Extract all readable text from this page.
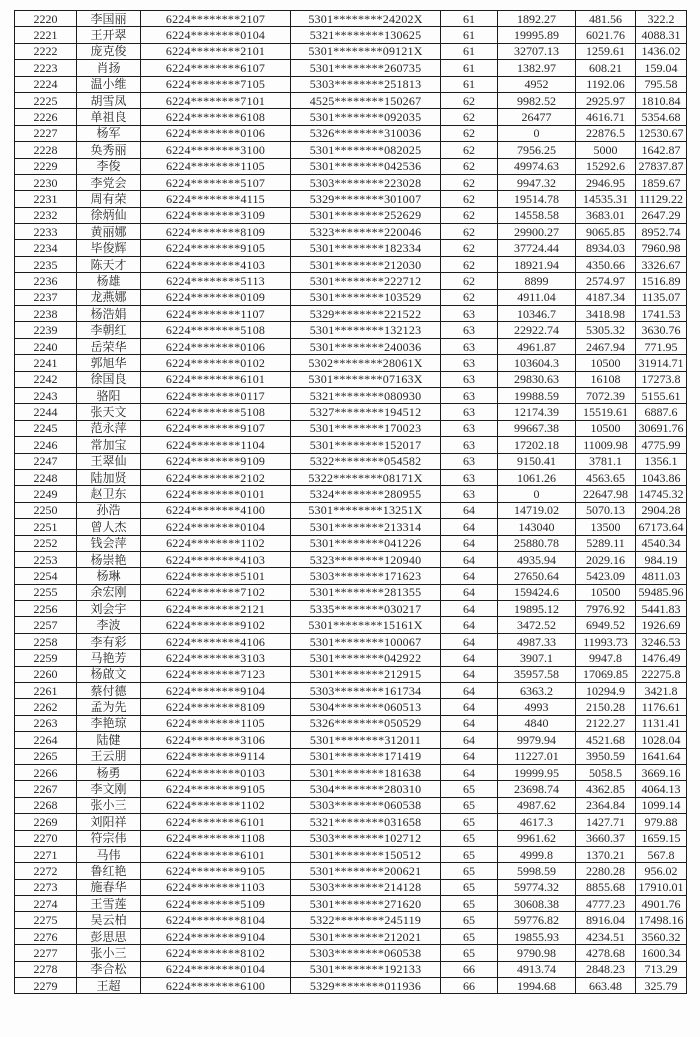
2220	李国丽	6224********2107	5301********24202X	61	1892.27	481.56	322.2
2221	王开翠	6224********0104	5321********130625	61	19995.89	6021.76	4088.31
2222	庞克俊	6224********2101	5301********09121X	61	32707.13	1259.61	1436.02
2223	肖扬	6224********6107	5301********260735	61	1382.97	608.21	159.04
2224	温小维	6224********7105	5303********251813	61	4952	1192.06	795.58
2225	胡雪凤	6224********7101	4525********150267	62	9982.52	2925.97	1810.84
2226	单祖良	6224********6108	5301********092035	62	26477	4616.71	5354.68
2227	杨军	6224********0106	5326********310036	62	0	22876.5	12530.67
2228	奂秀丽	6224********3100	5301********082025	62	7956.25	5000	1642.87
2229	李俊	6224********1105	5301********042536	62	49974.63	15292.6	27837.87
2230	李党会	6224********5107	5303********223028	62	9947.32	2946.95	1859.67
2231	周有荣	6224********4115	5329********301007	62	19514.78	14535.31	11129.22
2232	徐炳仙	6224********3109	5301********252629	62	14558.58	3683.01	2647.29
2233	黄丽娜	6224********8109	5323********220046	62	29900.27	9065.85	8952.74
2234	毕俊辉	6224********9105	5301********182334	62	37724.44	8934.03	7960.98
2235	陈天才	6224********4103	5301********212030	62	18921.94	4350.66	3326.67
2236	杨雄	6224********5113	5301********222712	62	8899	2574.97	1516.89
2237	龙燕娜	6224********0109	5301********103529	62	4911.04	4187.34	1135.07
2238	杨浩娟	6224********1107	5329********221522	63	10346.7	3418.98	1741.53
2239	李朝红	6224********5108	5301********132123	63	22922.74	5305.32	3630.76
2240	岳荣华	6224********0106	5301********240036	63	4961.87	2467.94	771.95
2241	郭旭华	6224********0102	5302********28061X	63	103604.3	10500	31914.71
2242	徐国良	6224********6101	5301********07163X	63	29830.63	16108	17273.8
2243	骆阳	6224********0117	5321********080930	63	19988.59	7072.39	5155.61
2244	张天文	6224********5108	5327********194512	63	12174.39	15519.61	6887.6
2245	范永萍	6224********9107	5301********170023	63	99667.38	10500	30691.76
2246	常加宝	6224********1104	5301********152017	63	17202.18	11009.98	4775.99
2247	王翠仙	6224********9109	5322********054582	63	9150.41	3781.1	1356.1
2248	陆加贤	6224********2102	5322********08171X	63	1061.26	4563.65	1043.86
2249	赵卫东	6224********0101	5324********280955	63	0	22647.98	14745.32
2250	孙浩	6224********4100	5301********13251X	64	14719.02	5070.13	2904.28
2251	曾人杰	6224********0104	5301********213314	64	143040	13500	67173.64
2252	钱会萍	6224********1102	5301********041226	64	25880.78	5289.11	4540.34
2253	杨崇艳	6224********4103	5323********120940	64	4935.94	2029.16	984.19
2254	杨琳	6224********5101	5303********171623	64	27650.64	5423.09	4811.03
2255	余宏刚	6224********7102	5301********281355	64	159424.6	10500	59485.96
2256	刘会宇	6224********2121	5335********030217	64	19895.12	7976.92	5441.83
2257	李波	6224********9102	5301********15161X	64	3472.52	6949.52	1926.69
2258	李有彩	6224********4106	5301********100067	64	4987.33	11993.73	3246.53
2259	马艳芳	6224********3103	5301********042922	64	3907.1	9947.8	1476.49
2260	杨啟文	6224********7123	5301********212915	64	35957.58	17069.85	22275.8
2261	蔡付德	6224********9104	5303********161734	64	6363.2	10294.9	3421.8
2262	孟为先	6224********8109	5304********060513	64	4993	2150.28	1176.61
2263	李艳琼	6224********1105	5326********050529	64	4840	2122.27	1131.41
2264	陆健	6224********3106	5301********312011	64	9979.94	4521.68	1028.04
2265	王云朋	6224********9114	5301********171419	64	11227.01	3950.59	1641.64
2266	杨勇	6224********0103	5301********181638	64	19999.95	5058.5	3669.16
2267	李文刚	6224********9105	5304********280310	65	23698.74	4362.85	4064.13
2268	张小三	6224********1102	5303********060538	65	4987.62	2364.84	1099.14
2269	刘阳祥	6224********6101	5321********031658	65	4617.3	1427.71	979.88
2270	符宗伟	6224********1108	5303********102712	65	9961.62	3660.37	1659.15
2271	马伟	6224********6101	5301********150512	65	4999.8	1370.21	567.8
2272	鲁红艳	6224********9105	5301********200621	65	5998.59	2280.28	956.02
2273	施春华	6224********1103	5303********214128	65	59774.32	8855.68	17910.01
2274	王雪莲	6224********5109	5301********271620	65	30608.38	4777.23	4901.76
2275	吴云柏	6224********8104	5322********245119	65	59776.82	8916.04	17498.16
2276	彭思思	6224********9104	5301********212021	65	19855.93	4234.51	3560.32
2277	张小三	6224********8102	5303********060538	65	9790.98	4278.68	1600.34
2278	李合松	6224********0104	5301********192133	66	4913.74	2848.23	713.29
2279	王超	6224********6100	5329********011936	66	1994.68	663.48	325.79
